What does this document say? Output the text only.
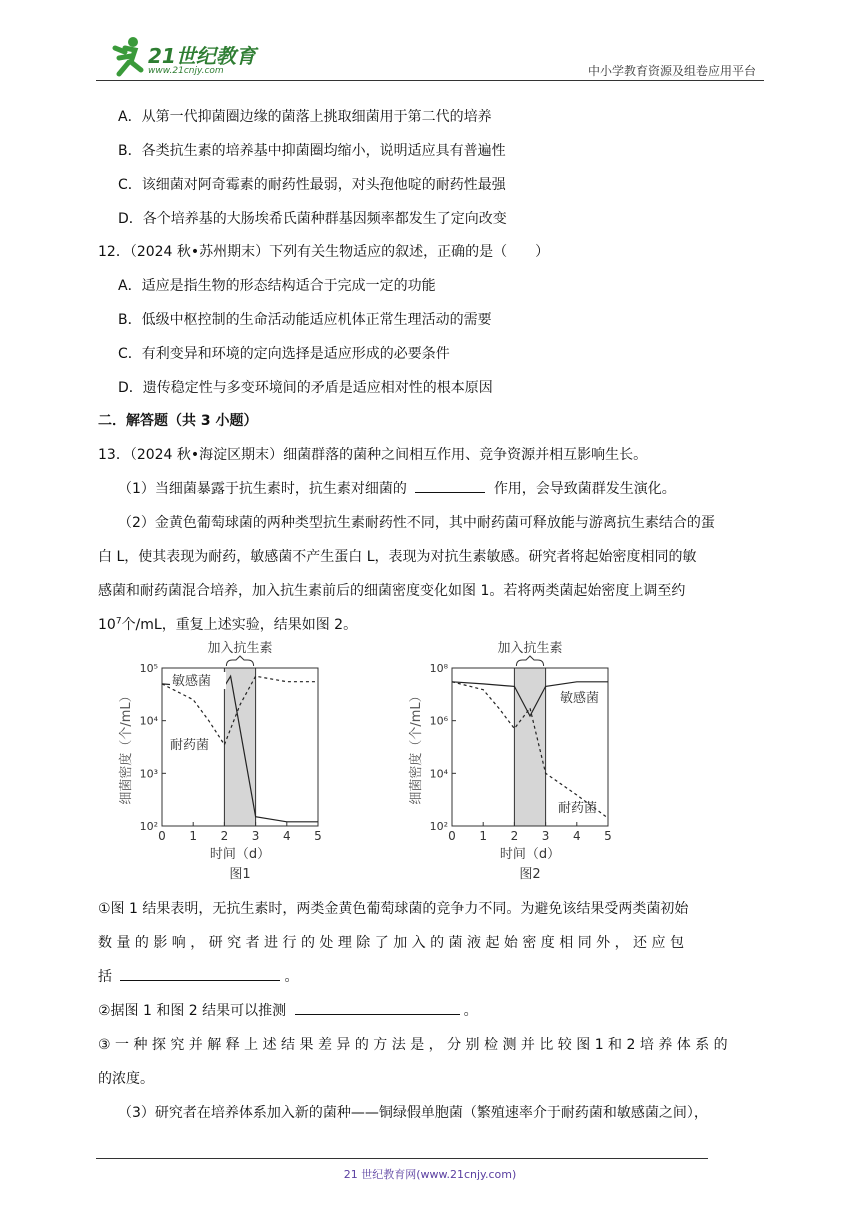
21世纪教育
www.21cnjy.com	中小学教育资源及组卷应用平台
A．从第一代抑菌圈边缘的菌落上挑取细菌用于第二代的培养
B．各类抗生素的培养基中抑菌圈均缩小，说明适应具有普遍性
C．该细菌对阿奇霉素的耐药性最弱，对头孢他啶的耐药性最强
D．各个培养基的大肠埃希氏菌种群基因频率都发生了定向改变
12．（2024 秋•苏州期末）下列有关生物适应的叙述，正确的是（　　）
A．适应是指生物的形态结构适合于完成一定的功能
B．低级中枢控制的生命活动能适应机体正常生理活动的需要
C．有利变异和环境的定向选择是适应形成的必要条件
D．遗传稳定性与多变环境间的矛盾是适应相对性的根本原因
二．解答题（共 3 小题）
13．（2024 秋•海淀区期末）细菌群落的菌种之间相互作用、竞争资源并相互影响生长。
（1）当细菌暴露于抗生素时，抗生素对细菌的	作用，会导致菌群发生演化。
（2）金黄色葡萄球菌的两种类型抗生素耐药性不同，其中耐药菌可释放能与游离抗生素结合的蛋
白 L，使其表现为耐药，敏感菌不产生蛋白 L，表现为对抗生素敏感。研究者将起始密度相同的敏
感菌和耐药菌混合培养，加入抗生素前后的细菌密度变化如图 1。若将两类菌起始密度上调至约
$10^7$个/mL，重复上述实验，结果如图 2。
加入抗生素
0 1 2 3 4 5
10²
10³
10⁴
10⁵
时间（d）
细菌密度（个/mL）
图1
敏感菌
耐药菌
加入抗生素
0 1 2 3 4 5
10²
10⁴
10⁶
10⁸
时间（d）
细菌密度（个/mL）
图2
敏感菌
耐药菌
①图 1 结果表明，无抗生素时，两类金黄色葡萄球菌的竞争力不同。为避免该结果受两类菌初始
数 量 的 影 响 ， 研 究 者 进 行 的 处 理 除 了 加 入 的 菌 液 起 始 密 度 相 同 外 ， 还 应 包
括	。
②据图 1 和图 2 结果可以推测	。
③ 一 种 探 究 并 解 释 上 述 结 果 差 异 的 方 法 是 ， 分 别 检 测 并 比 较 图 1 和 2 培 养 体 系 的
的浓度。
（3）研究者在培养体系加入新的菌种——铜绿假单胞菌（繁殖速率介于耐药菌和敏感菌之间），
21 世纪教育网(www.21cnjy.com)
